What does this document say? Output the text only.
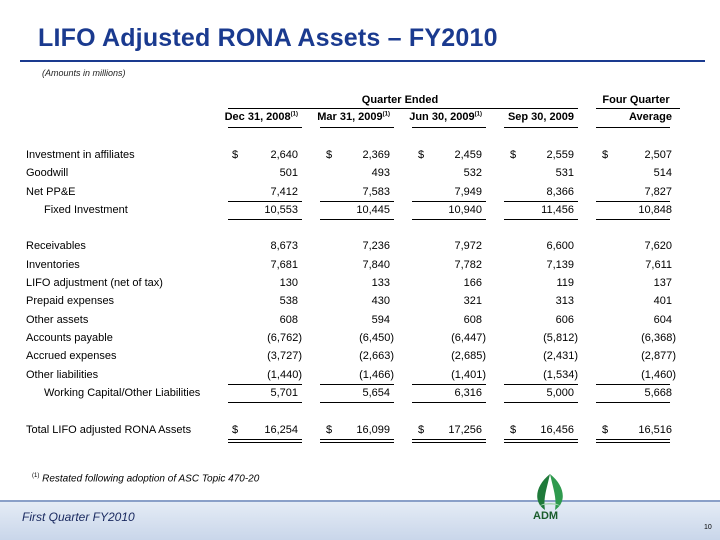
LIFO Adjusted RONA Assets – FY2010
(Amounts in millions)
Quarter Ended	Four Quarter
Dec 31, 2008$^{(1)}$	Mar 31, 2009$^{(1)}$	Jun 30, 2009$^{(1)}$	Sep 30, 2009	Average
Investment in affiliates	$	2,640	$	2,369	$	2,459	$	2,559	$	2,507
Goodwill	501	493	532	531	514
Net PP&E	7,412	7,583	7,949	8,366	7,827
Fixed Investment	10,553	10,445	10,940	11,456	10,848
Receivables	8,673	7,236	7,972	6,600	7,620
Inventories	7,681	7,840	7,782	7,139	7,611
LIFO adjustment (net of tax)	130	133	166	119	137
Prepaid expenses	538	430	321	313	401
Other assets	608	594	608	606	604
Accounts payable	(6,762)	(6,450)	(6,447)	(5,812)	(6,368)
Accrued expenses	(3,727)	(2,663)	(2,685)	(2,431)	(2,877)
Other liabilities	(1,440)	(1,466)	(1,401)	(1,534)	(1,460)
Working Capital/Other Liabilities	5,701	5,654	6,316	5,000	5,668
Total LIFO adjusted RONA Assets	$	16,254	$	16,099	$	17,256	$	16,456	$	16,516
$^{(1)}$ Restated following adoption of ASC Topic 470-20
First Quarter FY2010	ADM
10
